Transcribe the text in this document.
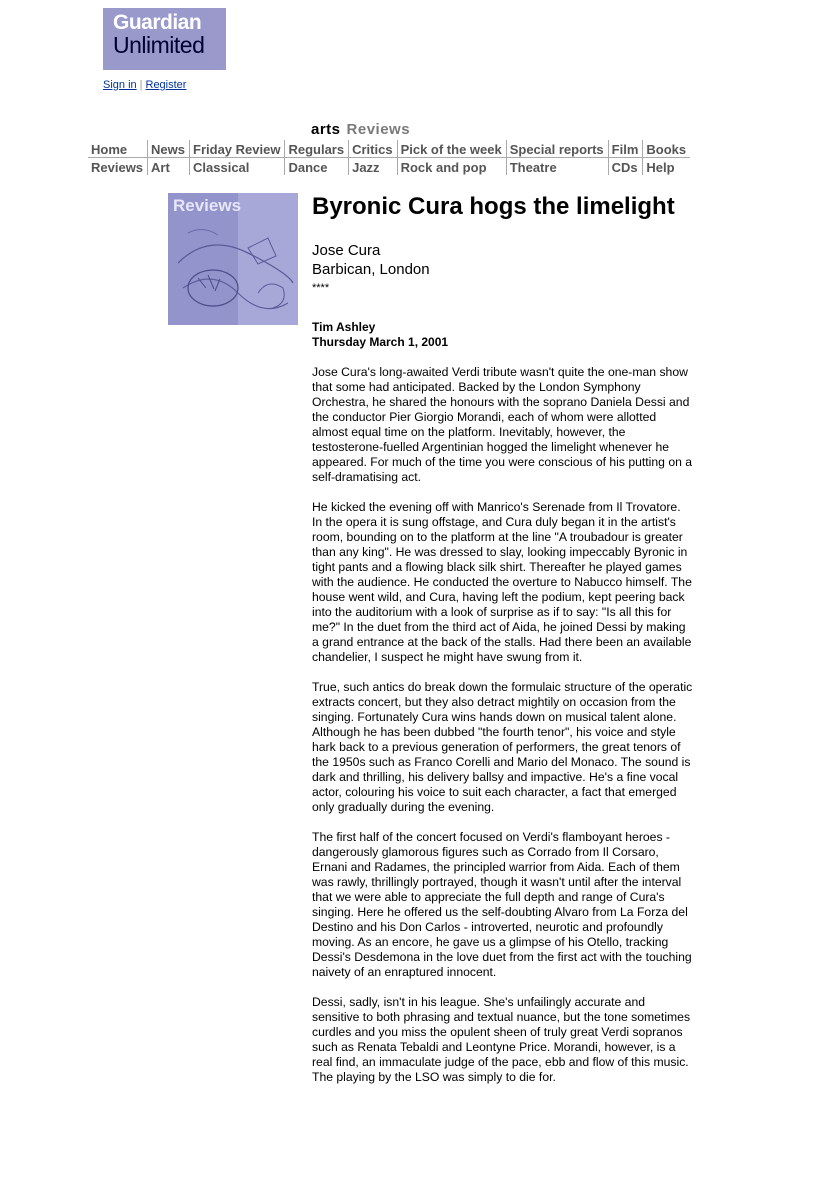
Guardian
Unlimited
Sign in | Register
arts Reviews
Home	News	Friday Review	Regulars	Critics	Pick of the week	Special reports	Film	Books
Reviews	Art	Classical	Dance	Jazz	Rock and pop	Theatre	CDs	Help
Reviews	Byronic Cura hogs the limelight
Jose Cura
Barbican, London
****
Tim Ashley
Thursday March 1, 2001

Jose Cura's long-awaited Verdi tribute wasn't quite the one-man show that some had anticipated. Backed by the London Symphony Orchestra, he shared the honours with the soprano Daniela Dessi and the conductor Pier Giorgio Morandi, each of whom were allotted almost equal time on the platform. Inevitably, however, the testosterone-fuelled Argentinian hogged the limelight whenever he appeared. For much of the time you were conscious of his putting on a self-dramatising act.

He kicked the evening off with Manrico's Serenade from Il Trovatore. In the opera it is sung offstage, and Cura duly began it in the artist's room, bounding on to the platform at the line "A troubadour is greater than any king". He was dressed to slay, looking impeccably Byronic in tight pants and a flowing black silk shirt. Thereafter he played games with the audience. He conducted the overture to Nabucco himself. The house went wild, and Cura, having left the podium, kept peering back into the auditorium with a look of surprise as if to say: "Is all this for me?" In the duet from the third act of Aida, he joined Dessi by making a grand entrance at the back of the stalls. Had there been an available chandelier, I suspect he might have swung from it.

True, such antics do break down the formulaic structure of the operatic extracts concert, but they also detract mightily on occasion from the singing. Fortunately Cura wins hands down on musical talent alone. Although he has been dubbed "the fourth tenor", his voice and style hark back to a previous generation of performers, the great tenors of the 1950s such as Franco Corelli and Mario del Monaco. The sound is dark and thrilling, his delivery ballsy and impactive. He's a fine vocal actor, colouring his voice to suit each character, a fact that emerged only gradually during the evening.

The first half of the concert focused on Verdi's flamboyant heroes - dangerously glamorous figures such as Corrado from Il Corsaro, Ernani and Radames, the principled warrior from Aida. Each of them was rawly, thrillingly portrayed, though it wasn't until after the interval that we were able to appreciate the full depth and range of Cura's singing. Here he offered us the self-doubting Alvaro from La Forza del Destino and his Don Carlos - introverted, neurotic and profoundly moving. As an encore, he gave us a glimpse of his Otello, tracking Dessi's Desdemona in the love duet from the first act with the touching naivety of an enraptured innocent.

Dessi, sadly, isn't in his league. She's unfailingly accurate and sensitive to both phrasing and textual nuance, but the tone sometimes curdles and you miss the opulent sheen of truly great Verdi sopranos such as Renata Tebaldi and Leontyne Price. Morandi, however, is a real find, an immaculate judge of the pace, ebb and flow of this music. The playing by the LSO was simply to die for.
